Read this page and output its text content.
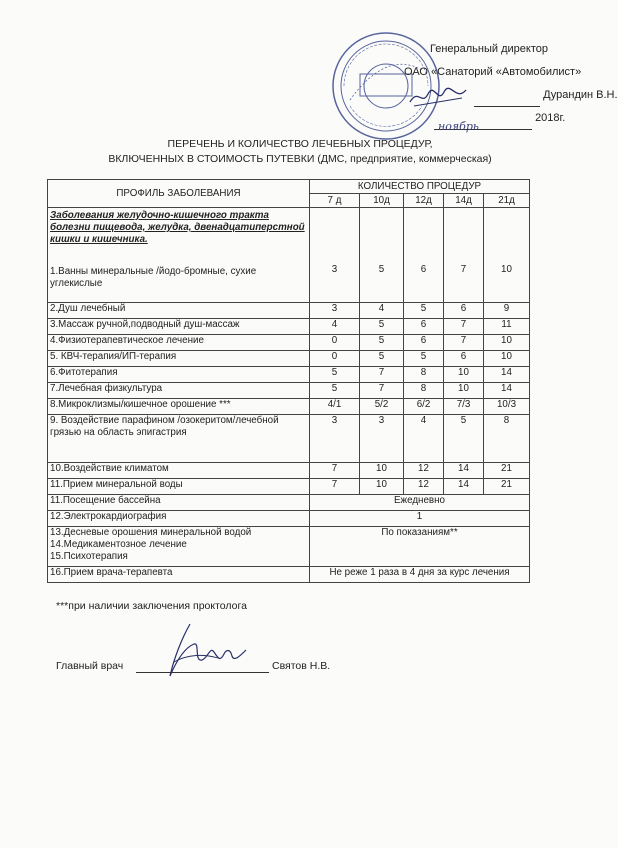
Генеральный директор
ОАО «Санаторий «Автомобилист»
Дурандин В.Н.
ноябрь
2018г.
ПЕРЕЧЕНЬ И КОЛИЧЕСТВО ЛЕЧЕБНЫХ ПРОЦЕДУР,
ВКЛЮЧЕННЫХ В СТОИМОСТЬ ПУТЕВКИ (ДМС, предприятие, коммерческая)
ПРОФИЛЬ ЗАБОЛЕВАНИЯ	КОЛИЧЕСТВО ПРОЦЕДУР				
	7 д	10д	12д	14д	21д

Заболевания желудочно-кишечного тракта болезни пищевода, желудка, двенадцатиперстной кишки и кишечника.
1.Ванны минеральные /йодо-бромные, сухие углекислые	3	5	6	7	10
2.Душ лечебный	3	4	5	6	9
3.Массаж ручной,подводный душ-массаж	4	5	6	7	11
4.Физиотерапевтическое лечение	0	5	6	7	10
5. КВЧ-терапия/ИП-терапия	0	5	5	6	10
6.Фитотерапия	5	7	8	10	14
7.Лечебная физкультура	5	7	8	10	14
8.Микроклизмы/кишечное орошение ***	4/1	5/2	6/2	7/3	10/3
9. Воздействие парафином /озокеритом/лечебной грязью на область эпигастрия	3	3	4	5	8
10.Воздействие климатом	7	10	12	14	21
11.Прием минеральной воды	7	10	12	14	21
11.Посещение бассейна	Ежедневно				
12.Электрокардиография	1				

13.Десневые орошения минеральной водой
14.Медикаментозное лечение
15.Психотерапия	По показаниям**				
16.Прием врача-терапевта	Не реже 1 раза в 4 дня за курс лечения				
***при наличии заключения проктолога
Главный врач	Святов Н.В.
